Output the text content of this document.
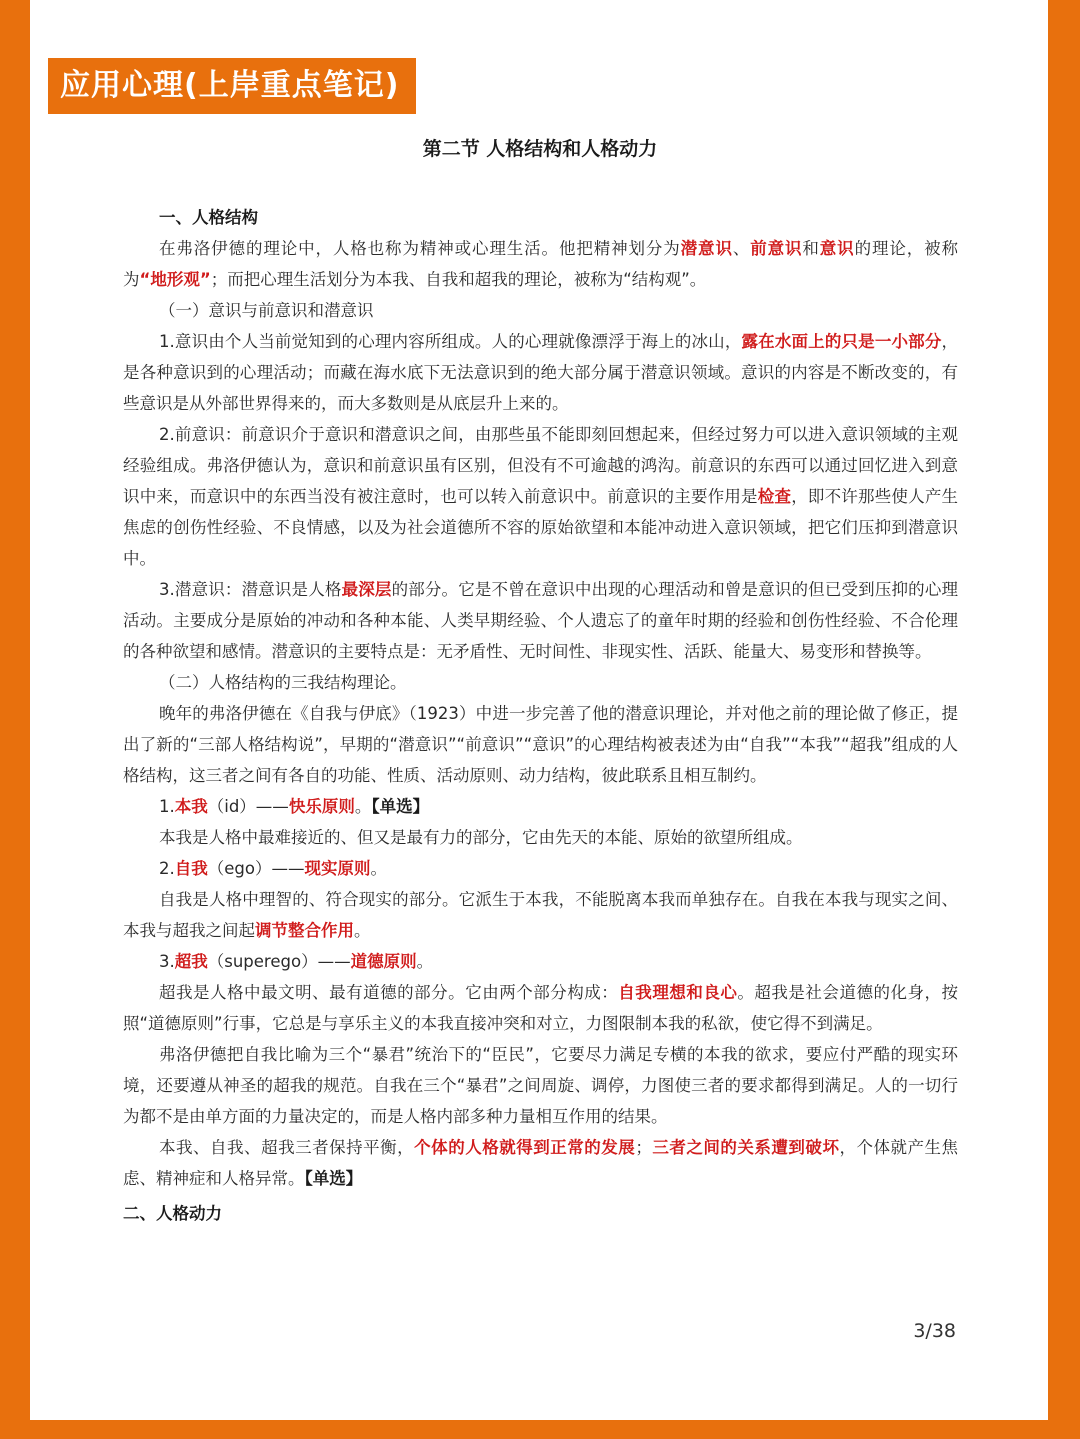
应用心理(上岸重点笔记)
第二节 人格结构和人格动力

一、人格结构

在弗洛伊德的理论中，人格也称为精神或心理生活。他把精神划分为潜意识、前意识和意识的理论，被称为“地形观”；而把心理生活划分为本我、自我和超我的理论，被称为“结构观”。

（一）意识与前意识和潜意识

1.意识由个人当前觉知到的心理内容所组成。人的心理就像漂浮于海上的冰山，露在水面上的只是一小部分，是各种意识到的心理活动；而藏在海水底下无法意识到的绝大部分属于潜意识领域。意识的内容是不断改变的，有些意识是从外部世界得来的，而大多数则是从底层升上来的。

2.前意识：前意识介于意识和潜意识之间，由那些虽不能即刻回想起来，但经过努力可以进入意识领域的主观经验组成。弗洛伊德认为，意识和前意识虽有区别，但没有不可逾越的鸿沟。前意识的东西可以通过回忆进入到意识中来，而意识中的东西当没有被注意时，也可以转入前意识中。前意识的主要作用是检查，即不许那些使人产生焦虑的创伤性经验、不良情感，以及为社会道德所不容的原始欲望和本能冲动进入意识领域，把它们压抑到潜意识中。

3.潜意识：潜意识是人格最深层的部分。它是不曾在意识中出现的心理活动和曾是意识的但已受到压抑的心理活动。主要成分是原始的冲动和各种本能、人类早期经验、个人遗忘了的童年时期的经验和创伤性经验、不合伦理的各种欲望和感情。潜意识的主要特点是：无矛盾性、无时间性、非现实性、活跃、能量大、易变形和替换等。

（二）人格结构的三我结构理论。

晚年的弗洛伊德在《自我与伊底》（1923）中进一步完善了他的潜意识理论，并对他之前的理论做了修正，提出了新的“三部人格结构说”，早期的“潜意识”“前意识”“意识”的心理结构被表述为由“自我”“本我”“超我”组成的人格结构，这三者之间有各自的功能、性质、活动原则、动力结构，彼此联系且相互制约。

1.本我（id）——快乐原则。【单选】

本我是人格中最难接近的、但又是最有力的部分，它由先天的本能、原始的欲望所组成。

2.自我（ego）——现实原则。

自我是人格中理智的、符合现实的部分。它派生于本我，不能脱离本我而单独存在。自我在本我与现实之间、本我与超我之间起调节整合作用。

3.超我（superego）——道德原则。

超我是人格中最文明、最有道德的部分。它由两个部分构成：自我理想和良心。超我是社会道德的化身，按照“道德原则”行事，它总是与享乐主义的本我直接冲突和对立，力图限制本我的私欲，使它得不到满足。

弗洛伊德把自我比喻为三个“暴君”统治下的“臣民”，它要尽力满足专横的本我的欲求，要应付严酷的现实环境，还要遵从神圣的超我的规范。自我在三个“暴君”之间周旋、调停，力图使三者的要求都得到满足。人的一切行为都不是由单方面的力量决定的，而是人格内部多种力量相互作用的结果。

本我、自我、超我三者保持平衡，个体的人格就得到正常的发展；三者之间的关系遭到破坏，个体就产生焦虑、精神症和人格异常。【单选】

二、人格动力

3/38
